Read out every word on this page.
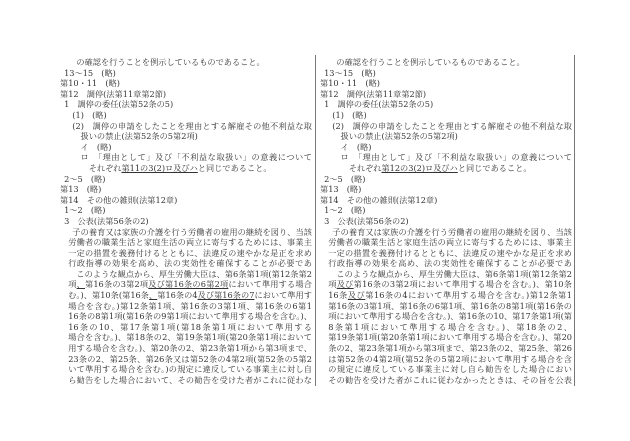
の確認を行うことを例示しているものであること。
13～15　(略)
第10・11　(略)
第12　調停(法第11章第2節)
1　調停の委任(法第52条の5)
(1)　(略)
(2)　調停の申請をしたことを理由とする解雇その他不利益な取
扱いの禁止(法第52条の5第2項)
イ　(略)
ロ　「理由として」及び「不利益な取扱い」の意義について
それぞれ第11の3(2)ロ及びハと同じであること。
2～5　(略)
第13　(略)
第14　その他の雑則(法第12章)
1～2　(略)
3　公表(法第56条の2)
子の養育又は家族の介護を行う労働者の雇用の継続を図り、当該
労働者の職業生活と家庭生活の両立に寄与するためには、事業主
一定の措置を義務付けるとともに、法違反の速やかな是正を求め
行政指導の効果を高め、法の実効性を確保することが必要であ
このような観点から、厚生労働大臣は、第6条第1項(第12条第2
項、第16条の3第2項及び第16条の6第2項において準用する場合
む。)、第10条(第16条、第16条の4及び第16条の7において準用す
場合を含む。)第12条第1項、第16条の3第1項、第16条の6第1
16条の8第1項(第16条の9第1項において準用する場合を含む。)、
16条の10、第17条第1項(第18条第1項において準用する
場合を含む。)、第18条の2、第19条第1項(第20条第1項において
用する場合を含む。)、第20条の2、第23条第1項から第3項まで、
23条の2、第25条、第26条又は第52条の4第2項(第52条の5第2
いて準用する場合を含む。)の規定に違反している事業主に対し自
ら勧告をした場合において、その勧告を受けた者がこれに従わな
の確認を行うことを例示しているものであること。
13～15　(略)
第10・11　(略)
第12　調停(法第11章第2節)
1　調停の委任(法第52条の5)
(1)　(略)
(2)　調停の申請をしたことを理由とする解雇その他不利益な取
扱いの禁止(法第52条の5第2項)
イ　(略)
ロ　「理由として」及び「不利益な取扱い」の意義について
それぞれ第12の3(2)ロ及びハと同じであること。
2～5　(略)
第13　(略)
第14　その他の雑則(法第12章)
1～2　(略)
3　公表(法第56条の2)
子の養育又は家族の介護を行う労働者の雇用の継続を図り、当該
労働者の職業生活と家庭生活の両立に寄与するためには、事業主
一定の措置を義務付けるとともに、法違反の速やかな是正を求め
行政指導の効果を高め、法の実効性を確保することが必要であ
このような観点から、厚生労働大臣は、第6条第1項(第12条第2
項及び第16条の3第2項において準用する場合を含む。)、第10条
16条及び第16条の4において準用する場合を含む。)第12条第1
第16条の3第1項、第16条の6第1項、第16条の8第1項(第16条の
項において準用する場合を含む。)、第16条の10、第17条第1項(第
8条第1項において準用する場合を含む。)、第18条の2、
第19条第1項(第20条第1項において準用する場合を含む。)、第20
条の2、第23条第1項から第3項まで、第23条の2、第25条、第26
は第52条の4第2項(第52条の5第2項において準用する場合を含
の規定に違反している事業主に対し自ら勧告をした場合におい
その勧告を受けた者がこれに従わなかったときは、その旨を公表
